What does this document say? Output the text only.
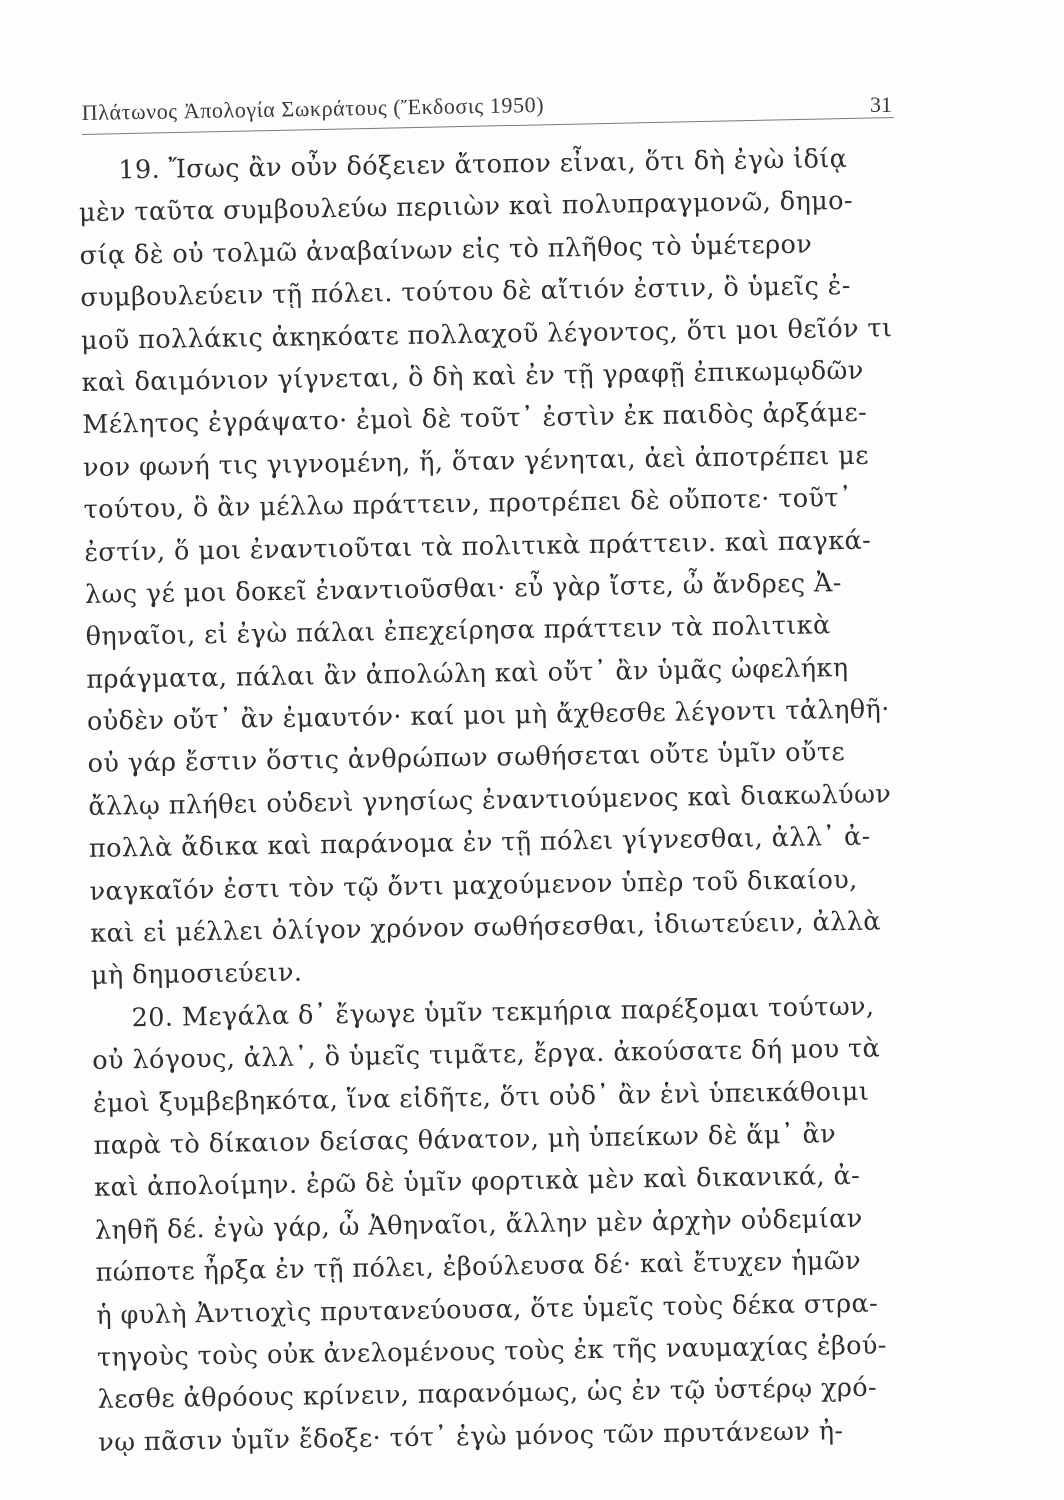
Πλάτωνος Ἀπολογία Σωκράτους (Ἔκδοσις 1950)	31
19. Ἴσως ἂν οὖν δόξειεν ἄτοπον εἶναι, ὅτι δὴ ἐγὼ ἰδίᾳ
μὲν ταῦτα συμβουλεύω περιιὼν καὶ πολυπραγμονῶ, δημο-
σίᾳ δὲ οὐ τολμῶ ἀναβαίνων εἰς τὸ πλῆθος τὸ ὑμέτερον
συμβουλεύειν τῇ πόλει. τούτου δὲ αἴτιόν ἐστιν, ὃ ὑμεῖς ἐ-
μοῦ πολλάκις ἀκηκόατε πολλαχοῦ λέγοντος, ὅτι μοι θεῖόν τι
καὶ δαιμόνιον γίγνεται, ὃ δὴ καὶ ἐν τῇ γραφῇ ἐπικωμῳδῶν
Μέλητος ἐγράψατο· ἐμοὶ δὲ τοῦτ᾽ ἐστὶν ἐκ παιδὸς ἀρξάμε-
νον φωνή τις γιγνομένη, ἥ, ὅταν γένηται, ἀεὶ ἀποτρέπει με
τούτου, ὃ ἂν μέλλω πράττειν, προτρέπει δὲ οὔποτε· τοῦτ᾽
ἐστίν, ὅ μοι ἐναντιοῦται τὰ πολιτικὰ πράττειν. καὶ παγκά-
λως γέ μοι δοκεῖ ἐναντιοῦσθαι· εὖ γὰρ ἴστε, ὦ ἄνδρες Ἀ-
θηναῖοι, εἰ ἐγὼ πάλαι ἐπεχείρησα πράττειν τὰ πολιτικὰ
πράγματα, πάλαι ἂν ἀπολώλη καὶ οὔτ᾽ ἂν ὑμᾶς ὠφελήκη
οὐδὲν οὔτ᾽ ἂν ἐμαυτόν· καί μοι μὴ ἄχθεσθε λέγοντι τἀληθῆ·
οὐ γάρ ἔστιν ὅστις ἀνθρώπων σωθήσεται οὔτε ὑμῖν οὔτε
ἄλλῳ πλήθει οὐδενὶ γνησίως ἐναντιούμενος καὶ διακωλύων
πολλὰ ἄδικα καὶ παράνομα ἐν τῇ πόλει γίγνεσθαι, ἀλλ᾽ ἀ-
ναγκαῖόν ἐστι τὸν τῷ ὄντι μαχούμενον ὑπὲρ τοῦ δικαίου,
καὶ εἰ μέλλει ὀλίγον χρόνον σωθήσεσθαι, ἰδιωτεύειν, ἀλλὰ
μὴ δημοσιεύειν.
20. Μεγάλα δ᾽ ἔγωγε ὑμῖν τεκμήρια παρέξομαι τούτων,
οὐ λόγους, ἀλλ᾽, ὃ ὑμεῖς τιμᾶτε, ἔργα. ἀκούσατε δή μου τὰ
ἐμοὶ ξυμβεβηκότα, ἵνα εἰδῆτε, ὅτι οὐδ᾽ ἂν ἑνὶ ὑπεικάθοιμι
παρὰ τὸ δίκαιον δείσας θάνατον, μὴ ὑπείκων δὲ ἅμ᾽ ἂν
καὶ ἀπολοίμην. ἐρῶ δὲ ὑμῖν φορτικὰ μὲν καὶ δικανικά, ἀ-
ληθῆ δέ. ἐγὼ γάρ, ὦ Ἀθηναῖοι, ἄλλην μὲν ἀρχὴν οὐδεμίαν
πώποτε ἦρξα ἐν τῇ πόλει, ἐβούλευσα δέ· καὶ ἔτυχεν ἡμῶν
ἡ φυλὴ Ἀντιοχὶς πρυτανεύουσα, ὅτε ὑμεῖς τοὺς δέκα στρα-
τηγοὺς τοὺς οὐκ ἀνελομένους τοὺς ἐκ τῆς ναυμαχίας ἐβού-
λεσθε ἀθρόους κρίνειν, παρανόμως, ὡς ἐν τῷ ὑστέρῳ χρό-
νῳ πᾶσιν ὑμῖν ἔδοξε· τότ᾽ ἐγὼ μόνος τῶν πρυτάνεων ἠ-
